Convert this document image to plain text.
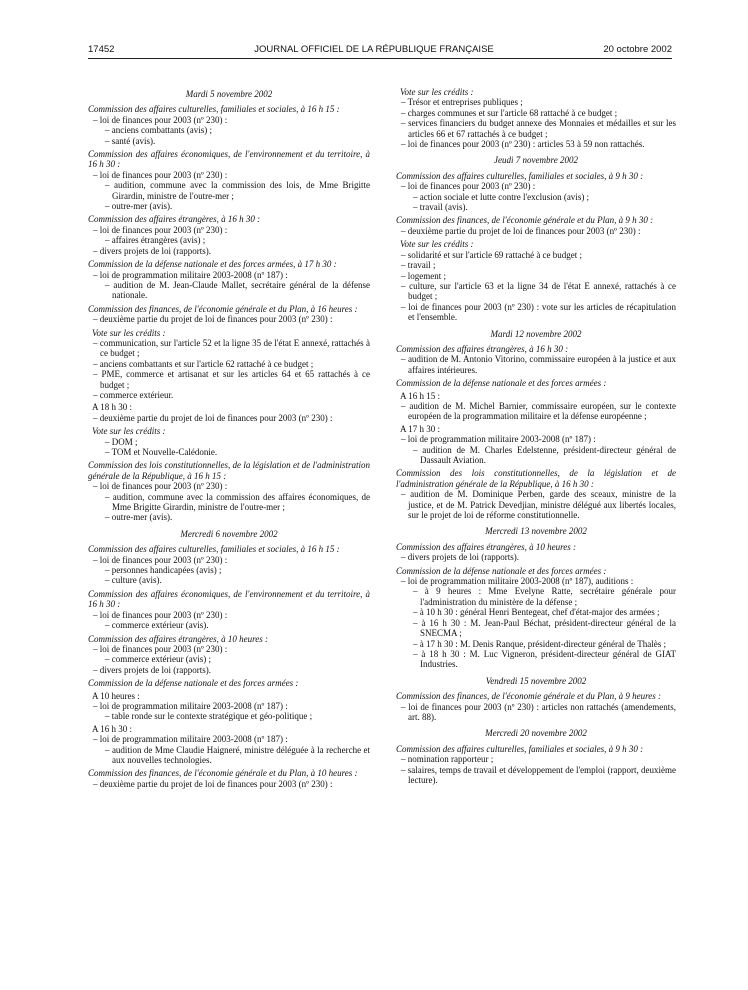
17452	JOURNAL OFFICIEL DE LA RÉPUBLIQUE FRANÇAISE	20 octobre 2002
Mardi 5 novembre 2002
Commission des affaires culturelles, familiales et sociales, à 16 h 15 :
– loi de finances pour 2003 (nº 230) :
– anciens combattants (avis) ;
– santé (avis).
Commission des affaires économiques, de l'environnement et du territoire, à 16 h 30 :
– loi de finances pour 2003 (nº 230) :
– audition, commune avec la commission des lois, de Mme Brigitte Girardin, ministre de l'outre-mer ;
– outre-mer (avis).
Commission des affaires étrangères, à 16 h 30 :
– loi de finances pour 2003 (nº 230) :
– affaires étrangères (avis) ;
– divers projets de loi (rapports).
Commission de la défense nationale et des forces armées, à 17 h 30 :
– loi de programmation militaire 2003-2008 (nº 187) :
– audition de M. Jean-Claude Mallet, secrétaire général de la défense nationale.
Commission des finances, de l'économie générale et du Plan, à 16 heures :
– deuxième partie du projet de loi de finances pour 2003 (nº 230) :
Vote sur les crédits :
– communication, sur l'article 52 et la ligne 35 de l'état E annexé, rattachés à ce budget ;
– anciens combattants et sur l'article 62 rattaché à ce budget ;
– PME, commerce et artisanat et sur les articles 64 et 65 rattachés à ce budget ;
– commerce extérieur.
A 18 h 30 :
– deuxième partie du projet de loi de finances pour 2003 (nº 230) :
Vote sur les crédits :
– DOM ;
– TOM et Nouvelle-Calédonie.
Commission des lois constitutionnelles, de la législation et de l'administration générale de la République, à 16 h 15 :
– loi de finances pour 2003 (nº 230) :
– audition, commune avec la commission des affaires économiques, de Mme Brigitte Girardin, ministre de l'outre-mer ;
– outre-mer (avis).
Mercredi 6 novembre 2002
Commission des affaires culturelles, familiales et sociales, à 16 h 15 :
– loi de finances pour 2003 (nº 230) :
– personnes handicapées (avis) ;
– culture (avis).
Commission des affaires économiques, de l'environnement et du territoire, à 16 h 30 :
– loi de finances pour 2003 (nº 230) :
– commerce extérieur (avis).
Commission des affaires étrangères, à 10 heures :
– loi de finances pour 2003 (nº 230) :
– commerce extérieur (avis) ;
– divers projets de loi (rapports).
Commission de la défense nationale et des forces armées :
A 10 heures :
– loi de programmation militaire 2003-2008 (nº 187) :
– table ronde sur le contexte stratégique et géo-politique ;
A 16 h 30 :
– loi de programmation militaire 2003-2008 (nº 187) :
– audition de Mme Claudie Haigneré, ministre déléguée à la recherche et aux nouvelles technologies.
Commission des finances, de l'économie générale et du Plan, à 10 heures :
– deuxième partie du projet de loi de finances pour 2003 (nº 230) :
Vote sur les crédits :
– Trésor et entreprises publiques ;
– charges communes et sur l'article 68 rattaché à ce budget ;
– services financiers du budget annexe des Monnaies et médailles et sur les articles 66 et 67 rattachés à ce budget ;
– loi de finances pour 2003 (nº 230) : articles 53 à 59 non rattachés.
Jeudi 7 novembre 2002
Commission des affaires culturelles, familiales et sociales, à 9 h 30 :
– loi de finances pour 2003 (nº 230) :
– action sociale et lutte contre l'exclusion (avis) ;
– travail (avis).
Commission des finances, de l'économie générale et du Plan, à 9 h 30 :
– deuxième partie du projet de loi de finances pour 2003 (nº 230) :
Vote sur les crédits :
– solidarité et sur l'article 69 rattaché à ce budget ;
– travail ;
– logement ;
– culture, sur l'article 63 et la ligne 34 de l'état E annexé, rattachés à ce budget ;
– loi de finances pour 2003 (nº 230) : vote sur les articles de récapitulation et l'ensemble.
Mardi 12 novembre 2002
Commission des affaires étrangères, à 16 h 30 :
– audition de M. Antonio Vitorino, commissaire européen à la justice et aux affaires intérieures.
Commission de la défense nationale et des forces armées :
A 16 h 15 :
– audition de M. Michel Barnier, commissaire européen, sur le contexte européen de la programmation militaire et la défense européenne ;
A 17 h 30 :
– loi de programmation militaire 2003-2008 (nº 187) :
– audition de M. Charles Edelstenne, président-directeur général de Dassault Aviation.
Commission des lois constitutionnelles, de la législation et de l'administration générale de la République, à 16 h 30 :
– audition de M. Dominique Perben, garde des sceaux, ministre de la justice, et de M. Patrick Devedjian, ministre délégué aux libertés locales, sur le projet de loi de réforme constitutionnelle.
Mercredi 13 novembre 2002
Commission des affaires étrangères, à 10 heures :
– divers projets de loi (rapports).
Commission de la défense nationale et des forces armées :
– loi de programmation militaire 2003-2008 (nº 187), auditions :
– à 9 heures : Mme Evelyne Ratte, secrétaire générale pour l'administration du ministère de la défense ;
– à 10 h 30 : général Henri Bentegeat, chef d'état-major des armées ;
– à 16 h 30 : M. Jean-Paul Béchat, président-directeur général de la SNECMA ;
– à 17 h 30 : M. Denis Ranque, président-directeur général de Thalès ;
– à 18 h 30 : M. Luc Vigneron, président-directeur général de GIAT Industries.
Vendredi 15 novembre 2002
Commission des finances, de l'économie générale et du Plan, à 9 heures :
– loi de finances pour 2003 (nº 230) : articles non rattachés (amendements, art. 88).
Mercredi 20 novembre 2002
Commission des affaires culturelles, familiales et sociales, à 9 h 30 :
– nomination rapporteur ;
– salaires, temps de travail et développement de l'emploi (rapport, deuxième lecture).
